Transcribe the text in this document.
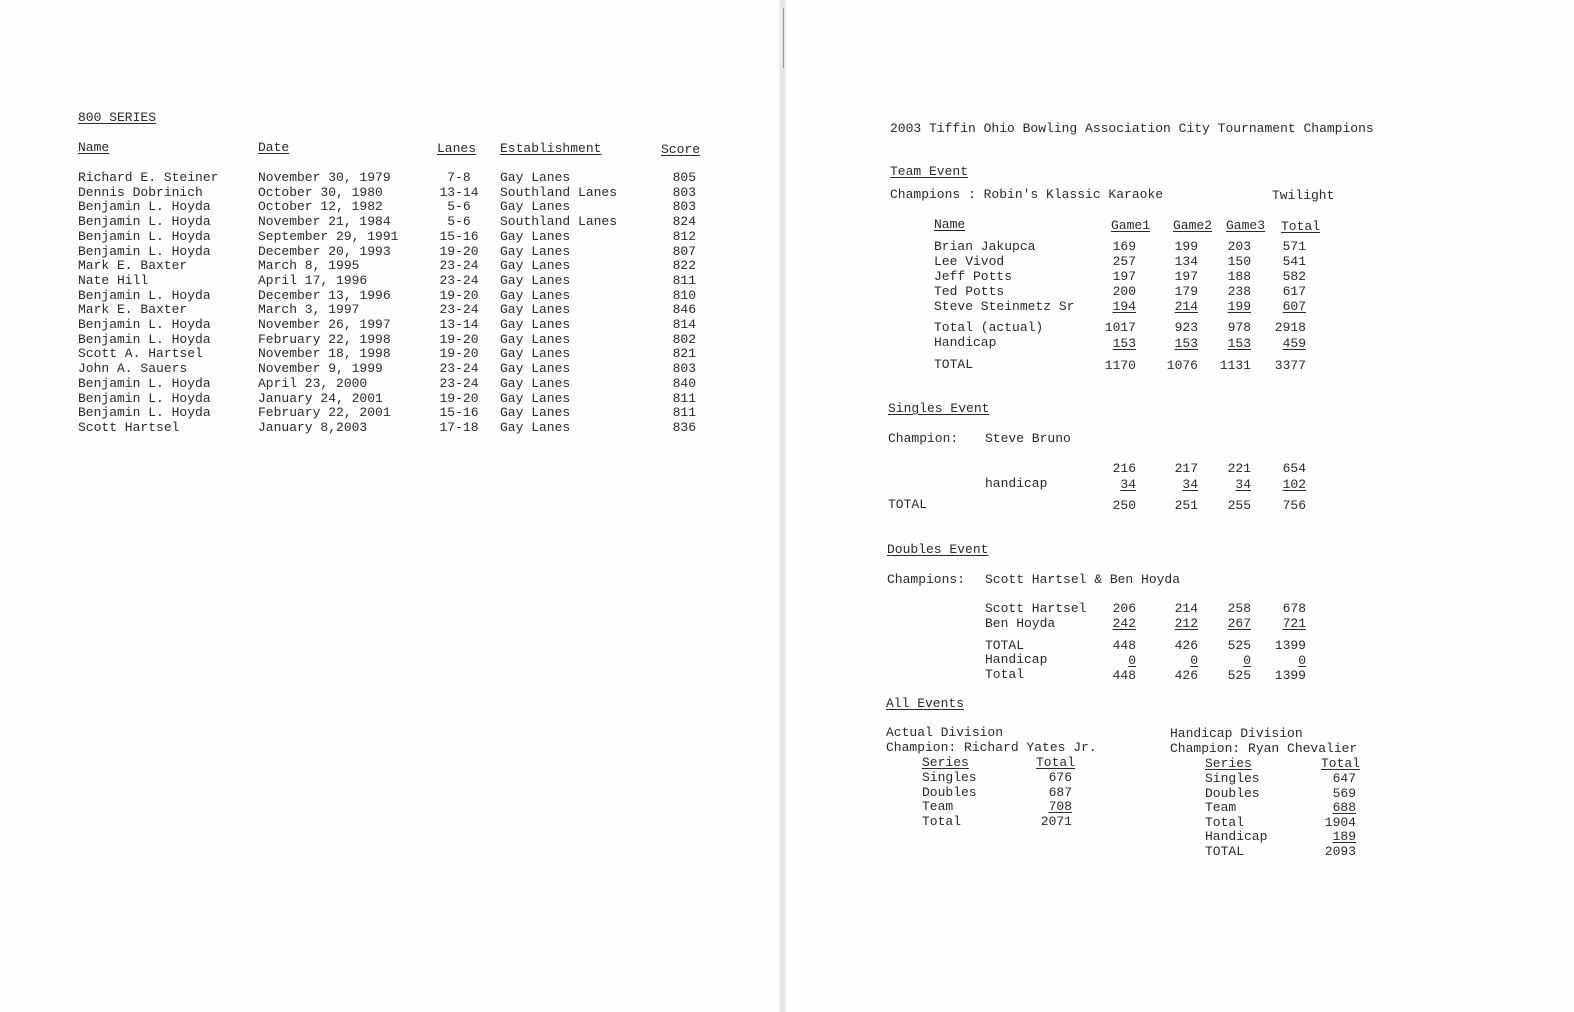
800 SERIES
Name	Date	Lanes Establishment	Score
Richard E. Steiner	November 30, 1979	7-8	Gay Lanes	805
Dennis Dobrinich	October 30, 1980	13-14	Southland Lanes	803
Benjamin L. Hoyda	October 12, 1982	5-6	Gay Lanes	803
Benjamin L. Hoyda	November 21, 1984	5-6	Southland Lanes	824
Benjamin L. Hoyda	September 29, 1991	15-16	Gay Lanes	812
Benjamin L. Hoyda	December 20, 1993	19-20	Gay Lanes	807
Mark E. Baxter	March 8, 1995	23-24	Gay Lanes	822
Nate Hill	April 17, 1996	23-24	Gay Lanes	811
Benjamin L. Hoyda	December 13, 1996	19-20	Gay Lanes	810
Mark E. Baxter	March 3, 1997	23-24	Gay Lanes	846
Benjamin L. Hoyda	November 26, 1997	13-14	Gay Lanes	814
Benjamin L. Hoyda	February 22, 1998	19-20	Gay Lanes	802
Scott A. Hartsel	November 18, 1998	19-20	Gay Lanes	821
John A. Sauers	November 9, 1999	23-24	Gay Lanes	803
Benjamin L. Hoyda	April 23, 2000	23-24	Gay Lanes	840
Benjamin L. Hoyda	January 24, 2001	19-20	Gay Lanes	811
Benjamin L. Hoyda	February 22, 2001	15-16	Gay Lanes	811
Scott Hartsel	January 8,2003	17-18	Gay Lanes	836
2003 Tiffin Ohio Bowling Association City Tournament Champions
Team Event
Champions : Robin's Klassic Karaoke	Twilight
Name	Game1 Game2 Game3 Total
Brian Jakupca	169	199	203	571
Lee Vivod	257	134	150	541
Jeff Potts	197	197	188	582
Ted Potts	200	179	238	617
Steve Steinmetz Sr	194	214	199	607
Total (actual)	1017	923	978	2918
Handicap	153	153	153	459
TOTAL	1170	1076	1131	3377
Singles Event
Champion: Steve Bruno
216	217	221	654
handicap	34	34	34	102
TOTAL	250	251	255	756
Doubles Event
Champions: Scott Hartsel & Ben Hoyda
Scott Hartsel	206	214	258	678
Ben Hoyda	242	212	267	721
TOTAL	448	426	525	1399
Handicap	0	0	0	0
Total	448	426	525	1399
All Events
Actual Division
Champion: Richard Yates Jr.
Series	Total
Singles	676
Doubles	687
Team	708
Total	2071
Handicap Division
Champion: Ryan Chevalier
Series	Total
Singles	647
Doubles	569
Team	688
Total	1904
Handicap	189
TOTAL	2093
